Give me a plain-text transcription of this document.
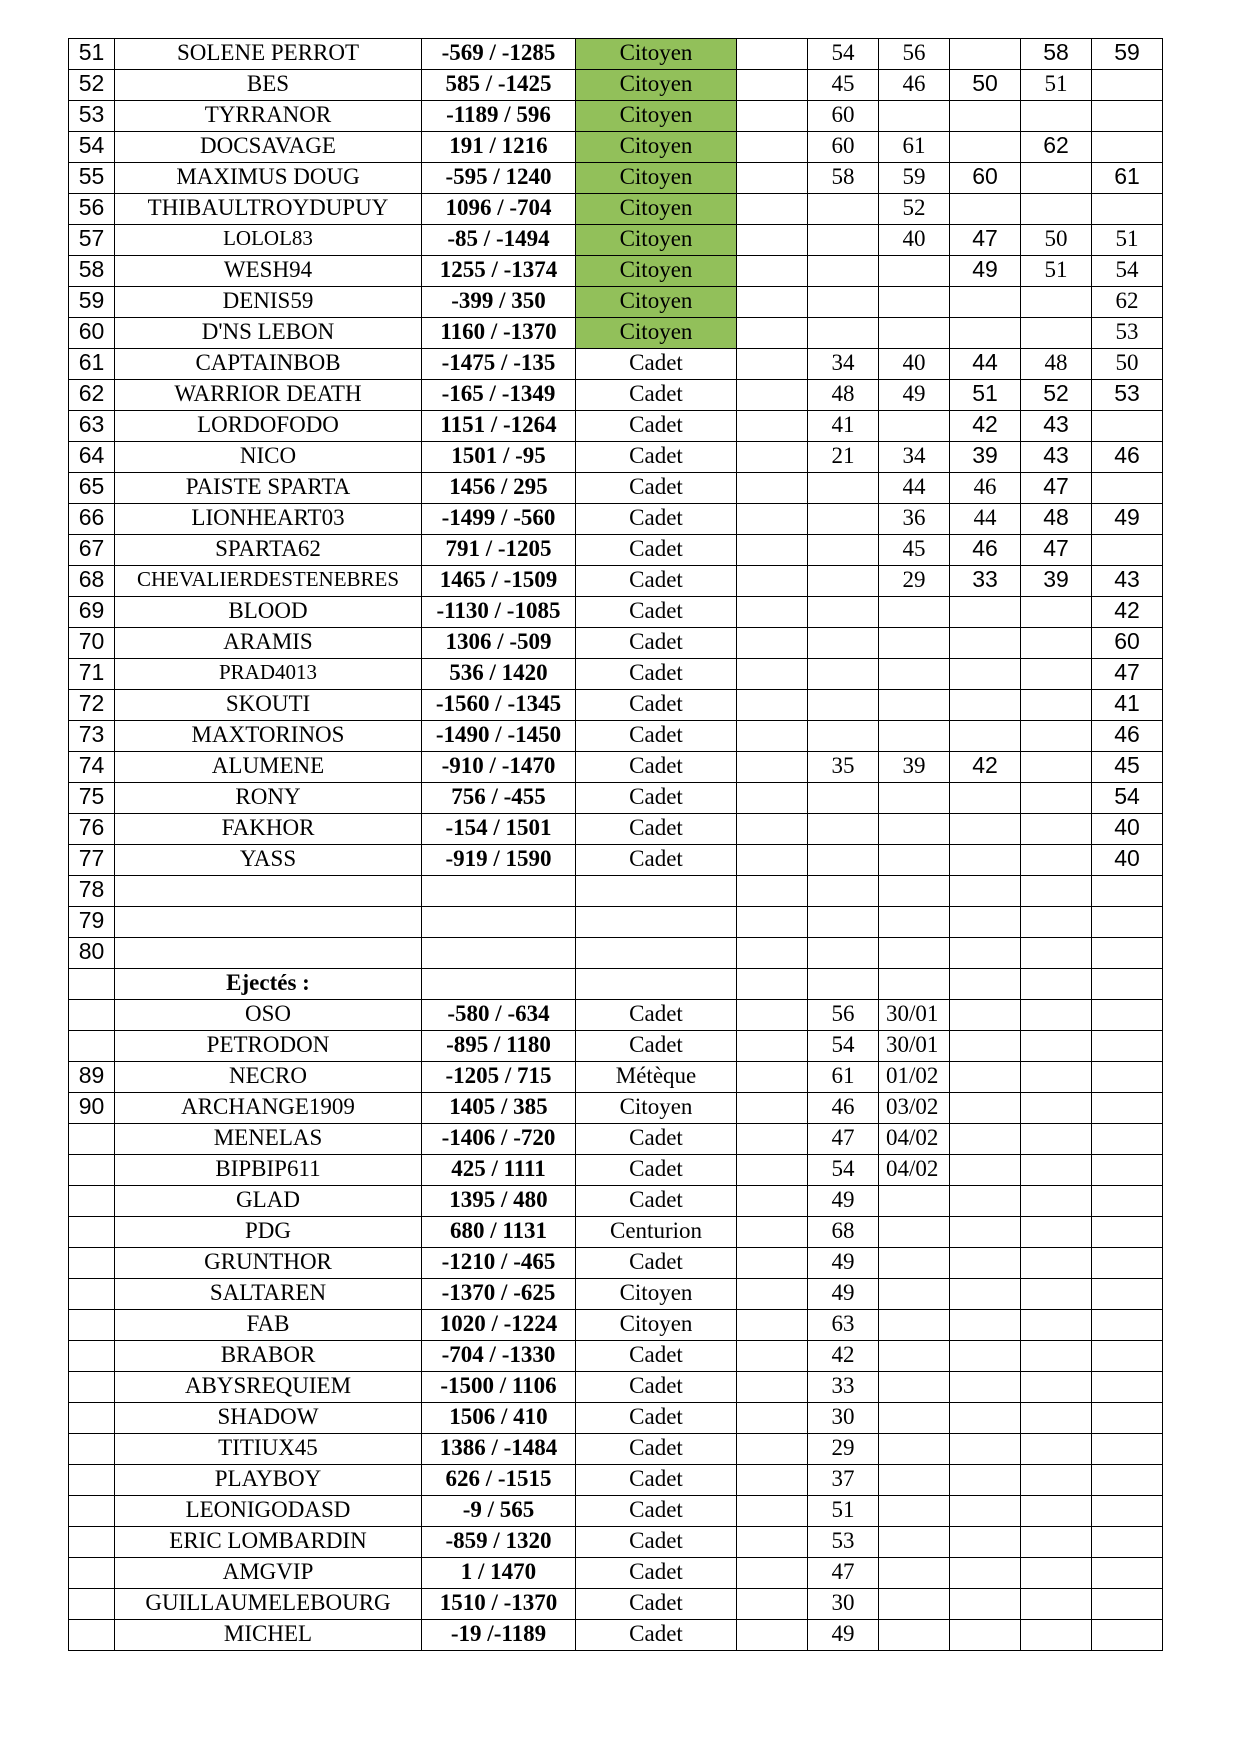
51	SOLENE PERROT	-569 / -1285	Citoyen		54	56		58	59
52	BES	585 / -1425	Citoyen		45	46	50	51	
53	TYRRANOR	-1189 / 596	Citoyen		60				
54	DOCSAVAGE	191 / 1216	Citoyen		60	61		62	
55	MAXIMUS DOUG	-595 / 1240	Citoyen		58	59	60		61
56	THIBAULTROYDUPUY	1096 / -704	Citoyen			52			
57	LOLOL83	-85 / -1494	Citoyen			40	47	50	51
58	WESH94	1255 / -1374	Citoyen				49	51	54
59	DENIS59	-399 / 350	Citoyen						62
60	D'NS LEBON	1160 / -1370	Citoyen						53
61	CAPTAINBOB	-1475 / -135	Cadet		34	40	44	48	50
62	WARRIOR DEATH	-165 / -1349	Cadet		48	49	51	52	53
63	LORDOFODO	1151 / -1264	Cadet		41		42	43	
64	NICO	1501 / -95	Cadet		21	34	39	43	46
65	PAISTE SPARTA	1456 / 295	Cadet			44	46	47	
66	LIONHEART03	-1499 / -560	Cadet			36	44	48	49
67	SPARTA62	791 / -1205	Cadet			45	46	47	
68	CHEVALIERDESTENEBRES	1465 / -1509	Cadet			29	33	39	43
69	BLOOD	-1130 / -1085	Cadet						42
70	ARAMIS	1306 / -509	Cadet						60
71	PRAD4013	536 / 1420	Cadet						47
72	SKOUTI	-1560 / -1345	Cadet						41
73	MAXTORINOS	-1490 / -1450	Cadet						46
74	ALUMENE	-910 / -1470	Cadet		35	39	42		45
75	RONY	756 / -455	Cadet						54
76	FAKHOR	-154 / 1501	Cadet						40
77	YASS	-919 / 1590	Cadet						40
78									
79									
80									
	Ejectés :								
	OSO	-580 / -634	Cadet		56	30/01			
	PETRODON	-895 / 1180	Cadet		54	30/01			
89	NECRO	-1205 / 715	Métèque		61	01/02			
90	ARCHANGE1909	1405 / 385	Citoyen		46	03/02			
	MENELAS	-1406 / -720	Cadet		47	04/02			
	BIPBIP611	425 / 1111	Cadet		54	04/02			
	GLAD	1395 / 480	Cadet		49				
	PDG	680 / 1131	Centurion		68				
	GRUNTHOR	-1210 / -465	Cadet		49				
	SALTAREN	-1370 / -625	Citoyen		49				
	FAB	1020 / -1224	Citoyen		63				
	BRABOR	-704 / -1330	Cadet		42				
	ABYSREQUIEM	-1500 / 1106	Cadet		33				
	SHADOW	1506 / 410	Cadet		30				
	TITIUX45	1386 / -1484	Cadet		29				
	PLAYBOY	626 / -1515	Cadet		37				
	LEONIGODASD	-9 / 565	Cadet		51				
	ERIC LOMBARDIN	-859 / 1320	Cadet		53				
	AMGVIP	1 / 1470	Cadet		47				
	GUILLAUMELEBOURG	1510 / -1370	Cadet		30				
	MICHEL	-19 /-1189	Cadet		49				
